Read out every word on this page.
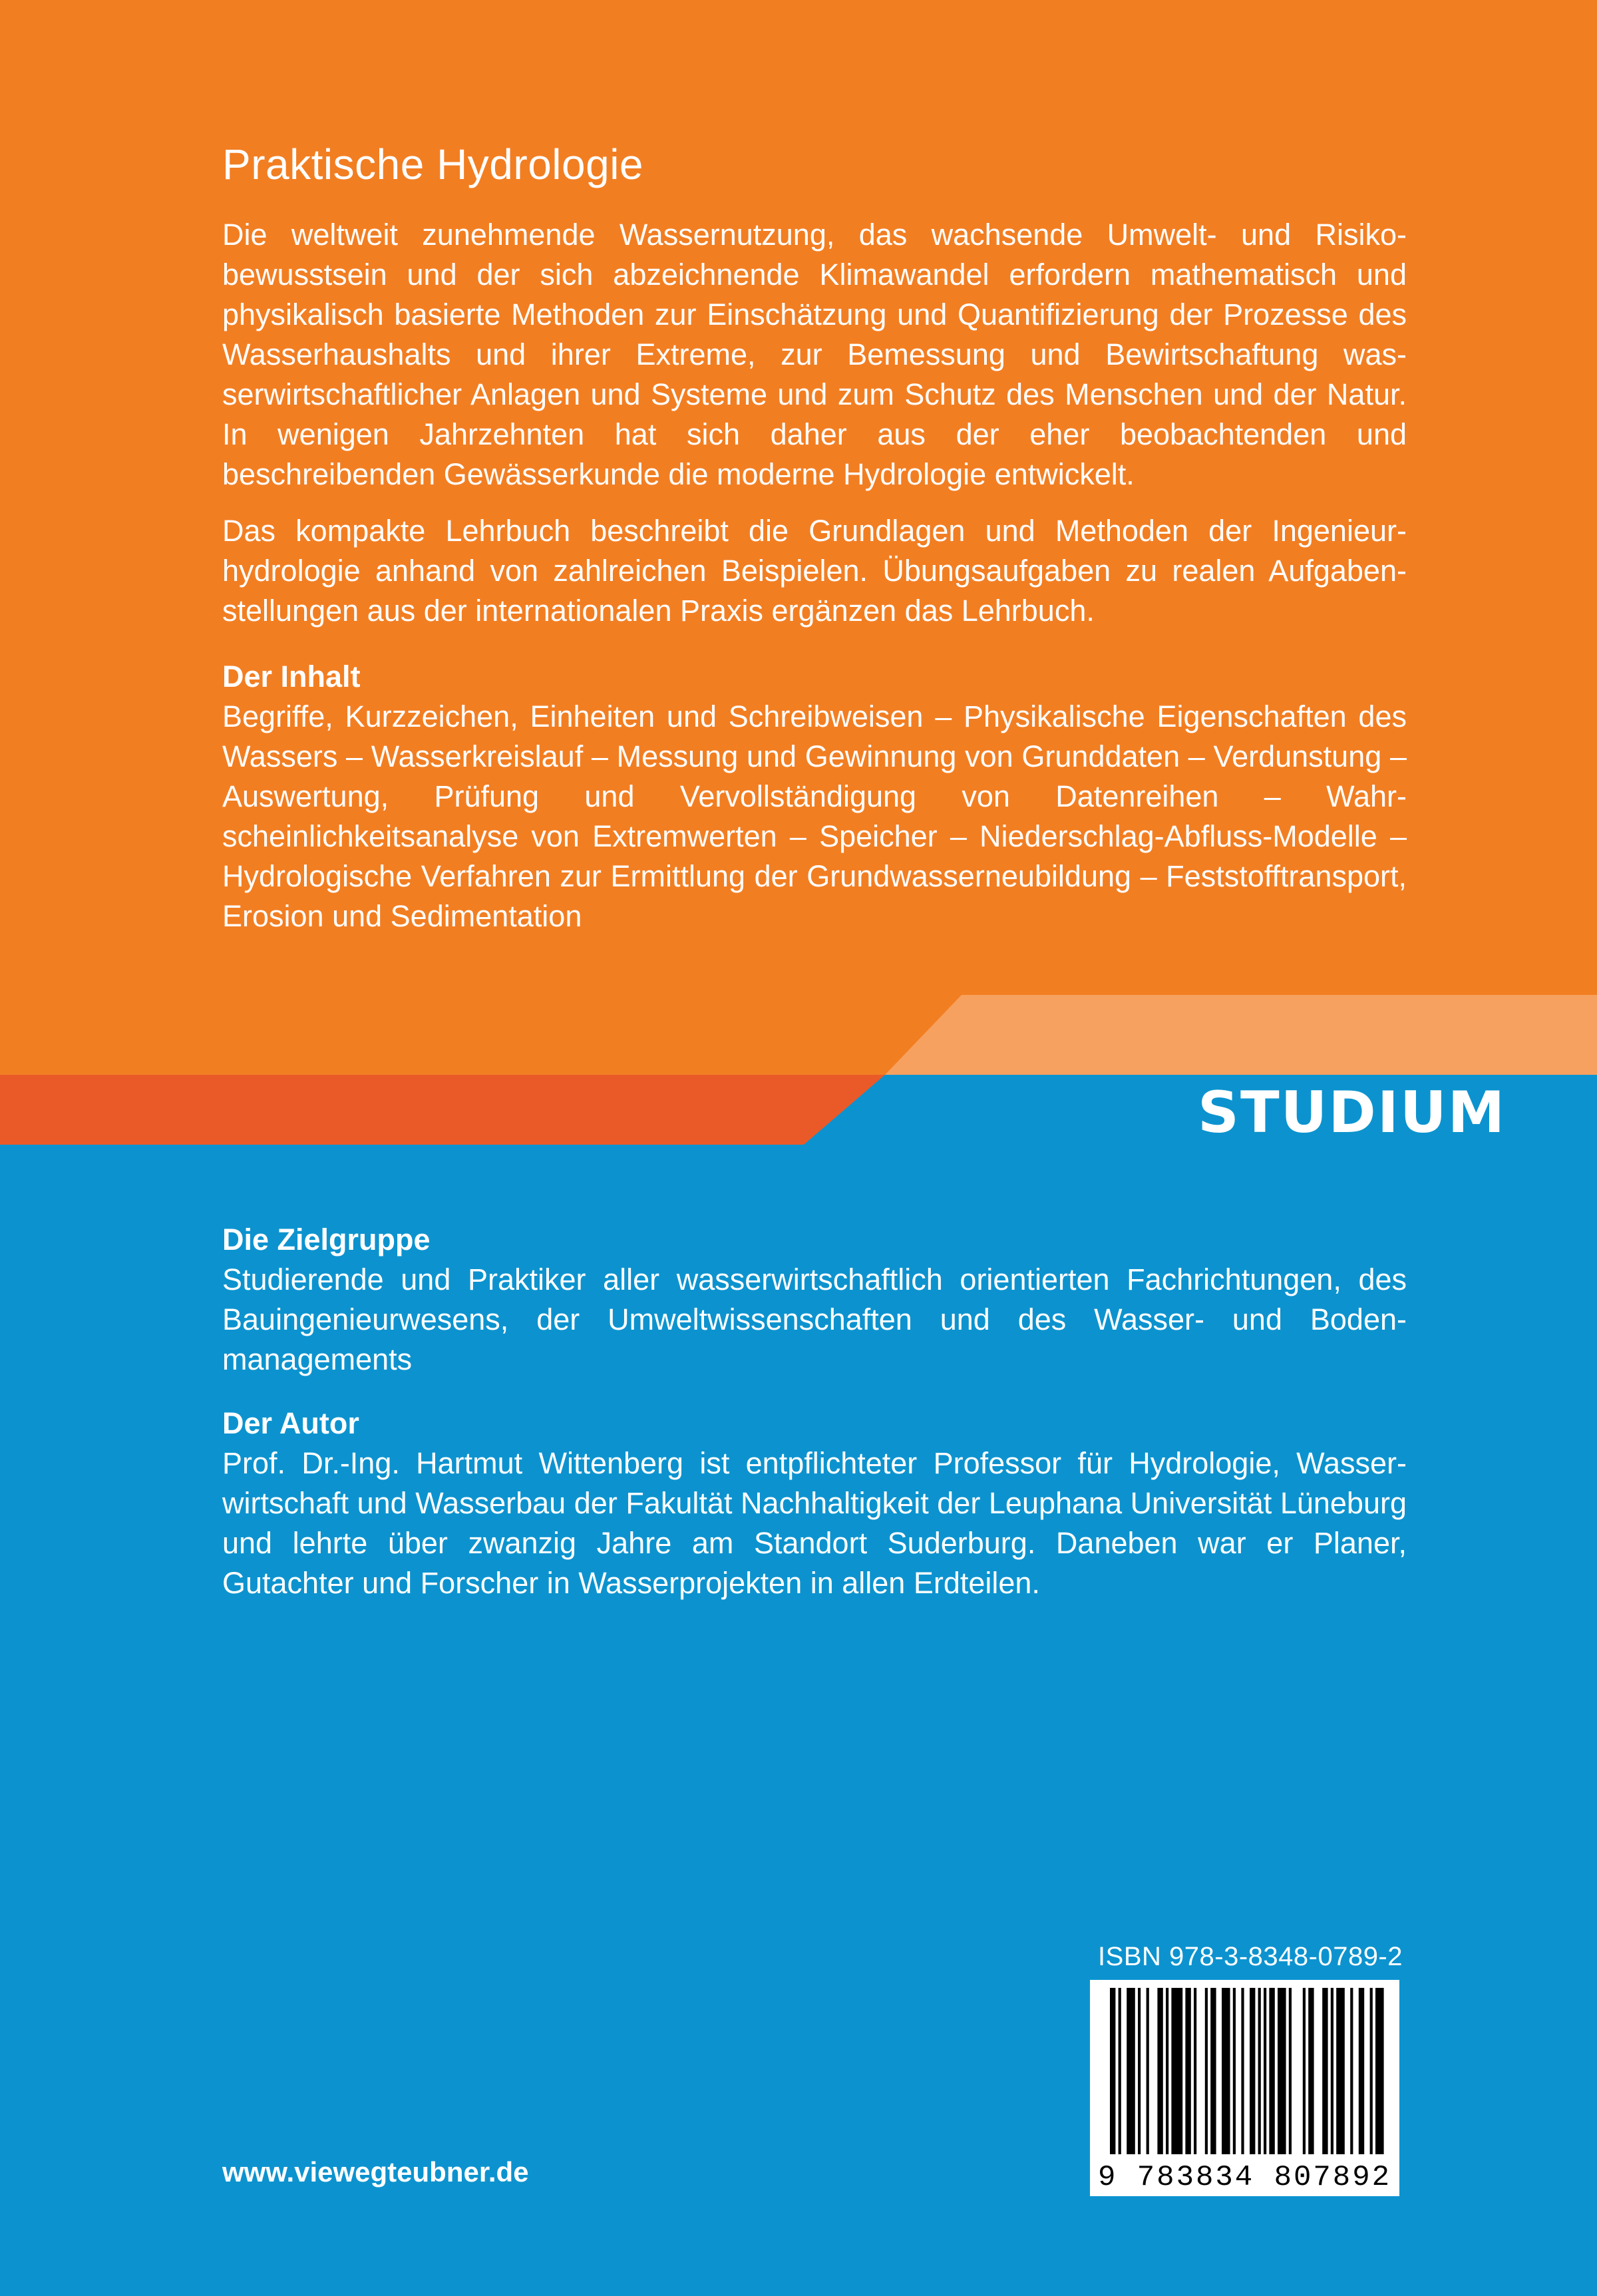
Praktische Hydrologie

Die weltweit zunehmende Wassernutzung, das wachsende Umwelt- und Risikobewusstsein und der sich abzeichnende Klimawandel erfordern mathematisch und physikalisch basierte Methoden zur Einschätzung und Quantifizierung der Prozesse des Wasserhaushalts und ihrer Extreme, zur Bemessung und Bewirtschaftung wasserwirtschaftlicher Anlagen und Systeme und zum Schutz des Menschen und der Natur. In wenigen Jahrzehnten hat sich daher aus der eher beobachtenden und beschreibenden Gewässerkunde die moderne Hydrologie entwickelt.

Das kompakte Lehrbuch beschreibt die Grundlagen und Methoden der Ingenieurhydrologie anhand von zahlreichen Beispielen. Übungsaufgaben zu realen Aufgabenstellungen aus der internationalen Praxis ergänzen das Lehrbuch.

Der Inhalt

Begriffe, Kurzzeichen, Einheiten und Schreibweisen – Physikalische Eigenschaften des Wassers – Wasserkreislauf – Messung und Gewinnung von Grunddaten – Verdunstung – Auswertung, Prüfung und Vervollständigung von Datenreihen – Wahrscheinlichkeitsanalyse von Extremwerten – Speicher – Niederschlag-Abfluss-Modelle – Hydrologische Verfahren zur Ermittlung der Grundwasserneubildung – Feststofftransport, Erosion und Sedimentation

STUDIUM
Die Zielgruppe

Studierende und Praktiker aller wasserwirtschaftlich orientierten Fachrichtungen, des Bauingenieurwesens, der Umweltwissenschaften und des Wasser- und Bodenmanagements

Der Autor

Prof. Dr.-Ing. Hartmut Wittenberg ist entpflichteter Professor für Hydrologie, Wasserwirtschaft und Wasserbau der Fakultät Nachhaltigkeit der Leuphana Universität Lüneburg und lehrte über zwanzig Jahre am Standort Suderburg. Daneben war er Planer, Gutachter und Forscher in Wasserprojekten in allen Erdteilen.

ISBN 978-3-8348-0789-2
9 783834 807892
www.viewegteubner.de
